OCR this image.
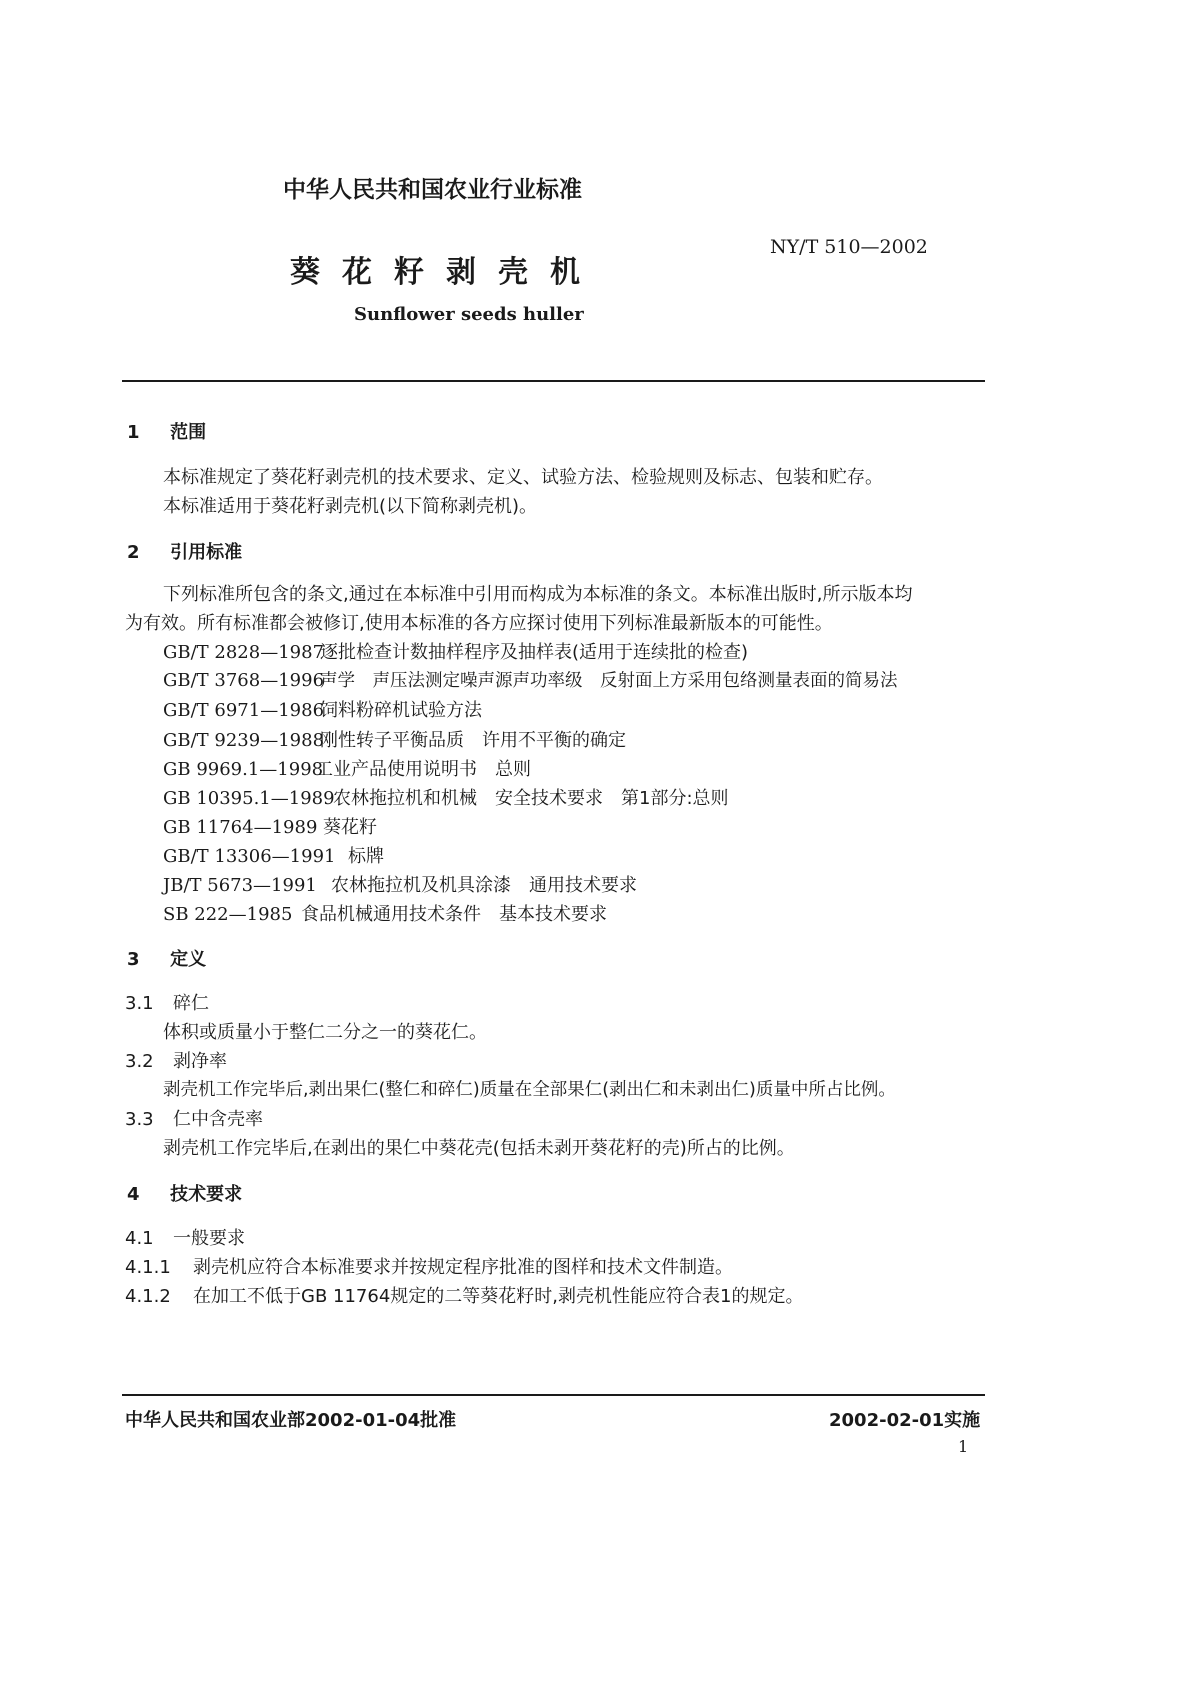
中华人民共和国农业行业标准
葵花籽剥壳机
NY/T 510—2002
Sunflower seeds huller
1 范围
本标准规定了葵花籽剥壳机的技术要求、定义、试验方法、检验规则及标志、包装和贮存。
本标准适用于葵花籽剥壳机(以下简称剥壳机)。
2 引用标准
下列标准所包含的条文,通过在本标准中引用而构成为本标准的条文。本标准出版时,所示版本均
为有效。所有标准都会被修订,使用本标准的各方应探讨使用下列标准最新版本的可能性。
GB/T 2828—1987逐批检查计数抽样程序及抽样表(适用于连续批的检查)
GB/T 3768—1996声学　声压法测定噪声源声功率级　反射面上方采用包络测量表面的简易法
GB/T 6971—1986饲料粉碎机试验方法
GB/T 9239—1988刚性转子平衡品质　许用不平衡的确定
GB 9969.1—1998工业产品使用说明书　总则
GB 10395.1—1989农林拖拉机和机械　安全技术要求　第1部分:总则
GB 11764—1989 葵花籽
GB/T 13306—1991 标牌
JB/T 5673—1991 农林拖拉机及机具涂漆　通用技术要求
SB 222—1985 食品机械通用技术条件　基本技术要求
3 定义
3.1 碎仁
体积或质量小于整仁二分之一的葵花仁。
3.2 剥净率
剥壳机工作完毕后,剥出果仁(整仁和碎仁)质量在全部果仁(剥出仁和未剥出仁)质量中所占比例。
3.3 仁中含壳率
剥壳机工作完毕后,在剥出的果仁中葵花壳(包括未剥开葵花籽的壳)所占的比例。
4 技术要求
4.1 一般要求
4.1.1 剥壳机应符合本标准要求并按规定程序批准的图样和技术文件制造。
4.1.2 在加工不低于GB 11764规定的二等葵花籽时,剥壳机性能应符合表1的规定。
中华人民共和国农业部2002-01-04批准	2002-02-01实施
1
